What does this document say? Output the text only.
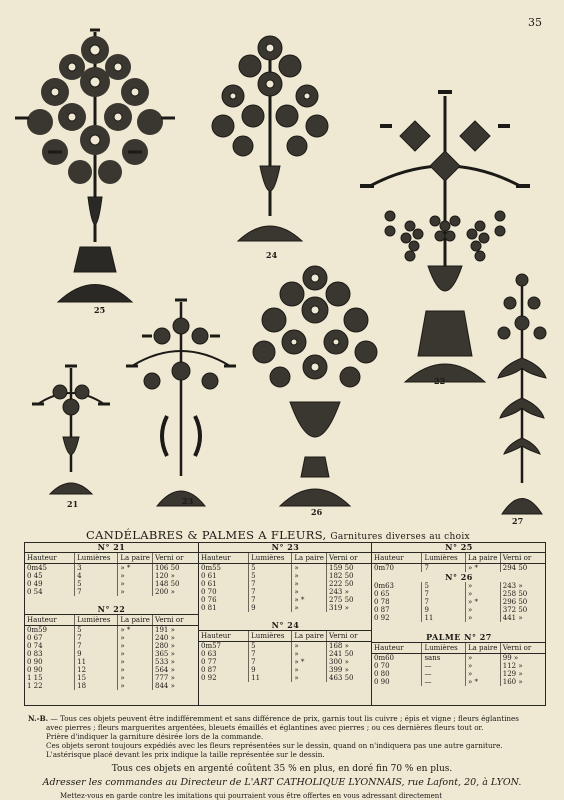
35
25
24
22
21	23
26
27
CANDÉLABRES & PALMES A FLEURS, Garnitures diverses au choix
N° 21
Hauteur	Lumières	La paire Verni or
0m45	3	» *	106 50
0 45	4	»	120 »
0 49	5	»	148 50
0 54	7	»	200 »
N° 22
Hauteur	Lumières	La paire Verni or
0m59	5	» *	191 »
0 67	7	»	240 »
0 74	7	»	280 »
0 83	9	»	365 »
0 90	11	»	533 »
0 90	12	»	564 »
1 15	15	»	777 »
1 22	18	»	844 »
N° 23
Hauteur	Lumières	La paire Verni or
0m55	5	»	159 50
0 61	5	»	182 50
0 61	7	»	222 50
0 70	7	»	243 »
0 76	7	» *	275 50
0 81	9	»	319 »
N° 24
Hauteur	Lumières	La paire Verni or
0m57	5	»	168 »
0 63	7	»	241 50
0 77	7	» *	300 »
0 87	9	»	399 »
0 92	11	»	463 50
N° 25
Hauteur	Lumières	La paire Verni or
0m70	7	» *	294 50
N° 26
0m63	5	»	243 »
0 65	7	»	258 50
0 78	7	» *	296 50
0 87	9	»	372 50
0 92	11	»	441 »
PALME N° 27
Hauteur	Lumières	La paire Verni or
0m60	sans	»	99 »
0 70	—	»	112 »
0 80	—	»	129 »
0 90	—	» *	160 »

N.-B. — Tous ces objets peuvent être indifféremment et sans différence de prix, garnis tout lis cuivre ; épis et vigne ; fleurs églantines

avec pierres ; fleurs marguerites argentées, bleuets émaillés et églantines avec pierres ; ou ces dernières fleurs tout or.

Prière d'indiquer la garniture désirée lors de la commande.

Ces objets seront toujours expédiés avec les fleurs représentées sur le dessin, quand on n'indiquera pas une autre garniture.

L'astérisque placé devant les prix indique la taille représentée sur le dessin.

Tous ces objets en argenté coûtent 35 % en plus, en doré fin 70 % en plus.
Adresser les commandes au Directeur de L'ART CATHOLIQUE LYONNAIS, rue Lafont, 20, à LYON.
Mettez-vous en garde contre les imitations qui pourraient vous être offertes en vous adressant directement
